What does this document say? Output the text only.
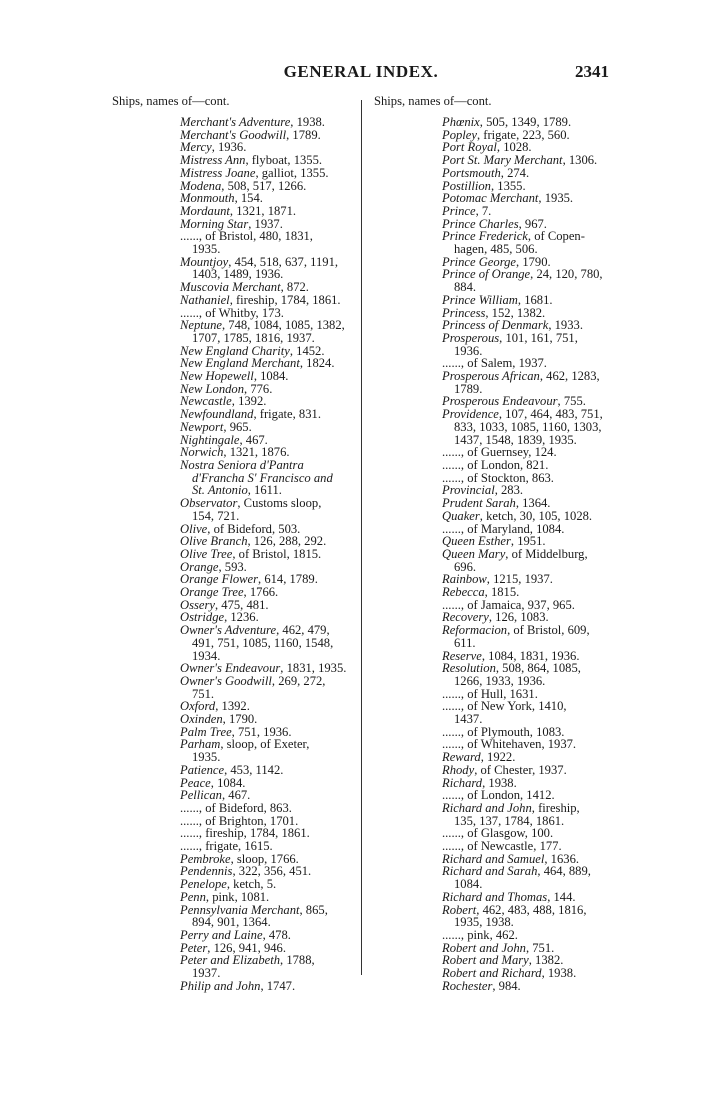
GENERAL INDEX.	2341
Ships, names of—cont.
Merchant's Adventure, 1938.
Merchant's Goodwill, 1789.
Mercy, 1936.
Mistress Ann, flyboat, 1355.
Mistress Joane, galliot, 1355.
Modena, 508, 517, 1266.
Monmouth, 154.
Mordaunt, 1321, 1871.
Morning Star, 1937.
......, of Bristol, 480, 1831,
1935.
Mountjoy, 454, 518, 637, 1191,
1403, 1489, 1936.
Muscovia Merchant, 872.
Nathaniel, fireship, 1784, 1861.
......, of Whitby, 173.
Neptune, 748, 1084, 1085, 1382,
1707, 1785, 1816, 1937.
New England Charity, 1452.
New England Merchant, 1824.
New Hopewell, 1084.
New London, 776.
Newcastle, 1392.
Newfoundland, frigate, 831.
Newport, 965.
Nightingale, 467.
Norwich, 1321, 1876.
Nostra Seniora d'Pantra
d'Francha S' Francisco and
St. Antonio, 1611.
Observator, Customs sloop,
154, 721.
Olive, of Bideford, 503.
Olive Branch, 126, 288, 292.
Olive Tree, of Bristol, 1815.
Orange, 593.
Orange Flower, 614, 1789.
Orange Tree, 1766.
Ossery, 475, 481.
Ostridge, 1236.
Owner's Adventure, 462, 479,
491, 751, 1085, 1160, 1548,
1934.
Owner's Endeavour, 1831, 1935.
Owner's Goodwill, 269, 272,
751.
Oxford, 1392.
Oxinden, 1790.
Palm Tree, 751, 1936.
Parham, sloop, of Exeter,
1935.
Patience, 453, 1142.
Peace, 1084.
Pellican, 467.
......, of Bideford, 863.
......, of Brighton, 1701.
......, fireship, 1784, 1861.
......, frigate, 1615.
Pembroke, sloop, 1766.
Pendennis, 322, 356, 451.
Penelope, ketch, 5.
Penn, pink, 1081.
Pennsylvania Merchant, 865,
894, 901, 1364.
Perry and Laine, 478.
Peter, 126, 941, 946.
Peter and Elizabeth, 1788,
1937.
Philip and John, 1747.
Ships, names of—cont.
Phœnix, 505, 1349, 1789.
Popley, frigate, 223, 560.
Port Royal, 1028.
Port St. Mary Merchant, 1306.
Portsmouth, 274.
Postillion, 1355.
Potomac Merchant, 1935.
Prince, 7.
Prince Charles, 967.
Prince Frederick, of Copen-
hagen, 485, 506.
Prince George, 1790.
Prince of Orange, 24, 120, 780,
884.
Prince William, 1681.
Princess, 152, 1382.
Princess of Denmark, 1933.
Prosperous, 101, 161, 751,
1936.
......, of Salem, 1937.
Prosperous African, 462, 1283,
1789.
Prosperous Endeavour, 755.
Providence, 107, 464, 483, 751,
833, 1033, 1085, 1160, 1303,
1437, 1548, 1839, 1935.
......, of Guernsey, 124.
......, of London, 821.
......, of Stockton, 863.
Provincial, 283.
Prudent Sarah, 1364.
Quaker, ketch, 30, 105, 1028.
......, of Maryland, 1084.
Queen Esther, 1951.
Queen Mary, of Middelburg,
696.
Rainbow, 1215, 1937.
Rebecca, 1815.
......, of Jamaica, 937, 965.
Recovery, 126, 1083.
Reformacion, of Bristol, 609,
611.
Reserve, 1084, 1831, 1936.
Resolution, 508, 864, 1085,
1266, 1933, 1936.
......, of Hull, 1631.
......, of New York, 1410,
1437.
......, of Plymouth, 1083.
......, of Whitehaven, 1937.
Reward, 1922.
Rhody, of Chester, 1937.
Richard, 1938.
......, of London, 1412.
Richard and John, fireship,
135, 137, 1784, 1861.
......, of Glasgow, 100.
......, of Newcastle, 177.
Richard and Samuel, 1636.
Richard and Sarah, 464, 889,
1084.
Richard and Thomas, 144.
Robert, 462, 483, 488, 1816,
1935, 1938.
......, pink, 462.
Robert and John, 751.
Robert and Mary, 1382.
Robert and Richard, 1938.
Rochester, 984.
